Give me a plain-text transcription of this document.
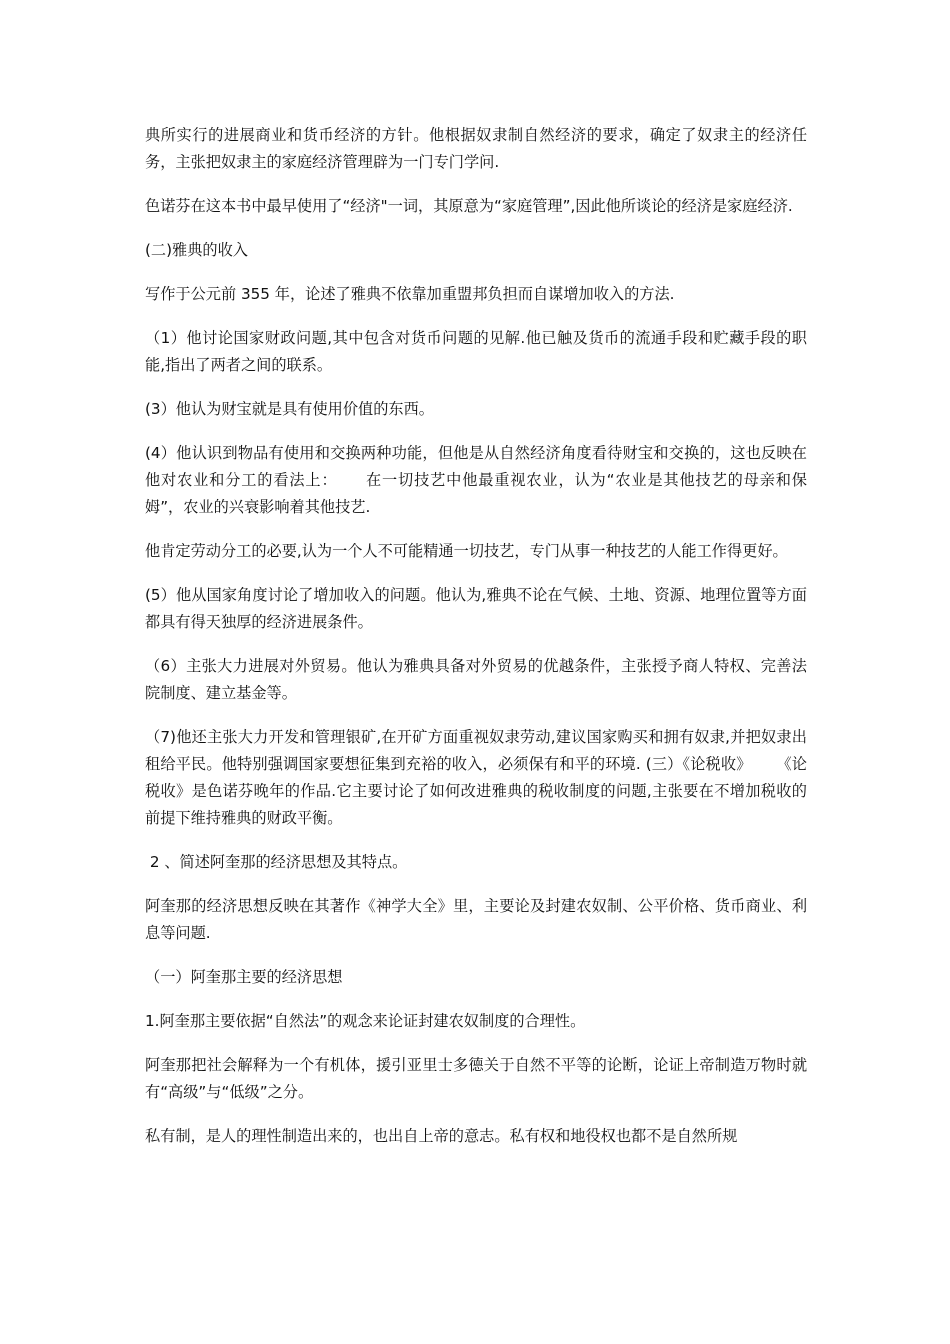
典所实行的进展商业和货币经济的方针。他根据奴隶制自然经济的要求，确定了奴隶主的经济任务，主张把奴隶主的家庭经济管理辟为一门专门学问.

色诺芬在这本书中最早使用了“经济"一词，其原意为“家庭管理”,因此他所谈论的经济是家庭经济.

(二)雅典的收入

写作于公元前 355 年，论述了雅典不依靠加重盟邦负担而自谋增加收入的方法.

（1）他讨论国家财政问题,其中包含对货币问题的见解.他已触及货币的流通手段和贮藏手段的职能,指出了两者之间的联系。

(3）他认为财宝就是具有使用价值的东西。

(4）他认识到物品有使用和交换两种功能，但他是从自然经济角度看待财宝和交换的，这也反映在他对农业和分工的看法上：     在一切技艺中他最重视农业，认为“农业是其他技艺的母亲和保姆”，农业的兴衰影响着其他技艺.

他肯定劳动分工的必要,认为一个人不可能精通一切技艺，专门从事一种技艺的人能工作得更好。

(5）他从国家角度讨论了增加收入的问题。他认为,雅典不论在气候、土地、资源、地理位置等方面都具有得天独厚的经济进展条件。

（6）主张大力进展对外贸易。他认为雅典具备对外贸易的优越条件，主张授予商人特权、完善法院制度、建立基金等。

（7)他还主张大力开发和管理银矿,在开矿方面重视奴隶劳动,建议国家购买和拥有奴隶,并把奴隶出租给平民。他特别强调国家要想征集到充裕的收入，必须保有和平的环境. (三）《论税收》     《论税收》是色诺芬晚年的作品.它主要讨论了如何改进雅典的税收制度的问题,主张要在不增加税收的前提下维持雅典的财政平衡。

2 、简述阿奎那的经济思想及其特点。

阿奎那的经济思想反映在其著作《神学大全》里，主要论及封建农奴制、公平价格、货币商业、利息等问题.

（一）阿奎那主要的经济思想

1.阿奎那主要依据“自然法”的观念来论证封建农奴制度的合理性。

阿奎那把社会解释为一个有机体，援引亚里士多德关于自然不平等的论断，论证上帝制造万物时就有“高级”与“低级”之分。

私有制，是人的理性制造出来的，也出自上帝的意志。私有权和地役权也都不是自然所规
